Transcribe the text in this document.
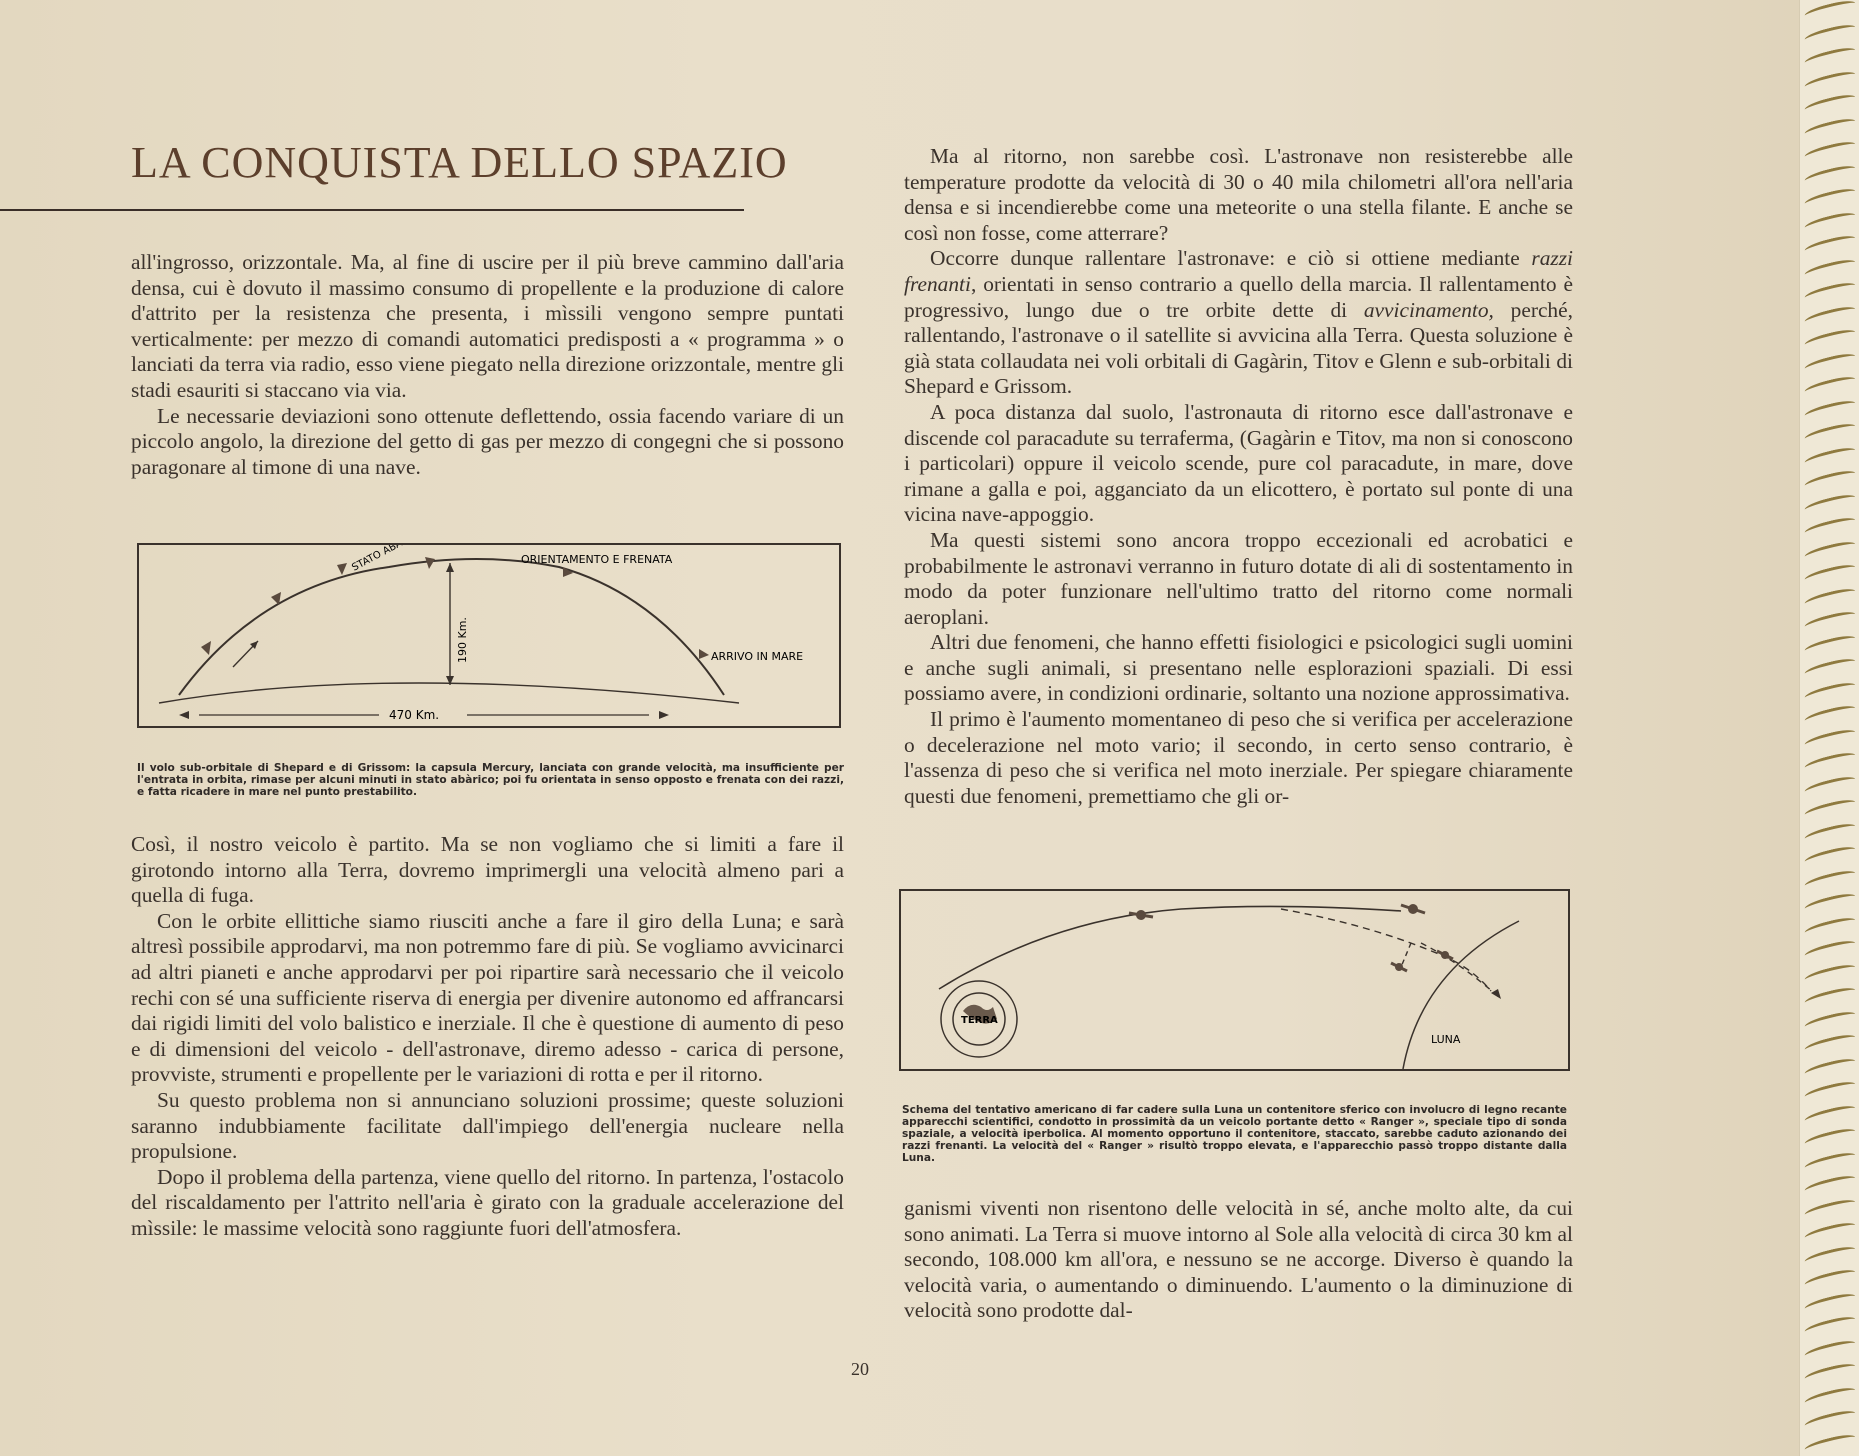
LA CONQUISTA DELLO SPAZIO

all'ingrosso, orizzontale. Ma, al fine di uscire per il più breve cammino dall'aria densa, cui è dovuto il massimo consumo di propellente e la produzione di calore d'attrito per la resistenza che presenta, i mìssili vengono sempre puntati verticalmente: per mezzo di comandi automatici predisposti a « programma » o lanciati da terra via radio, esso viene piegato nella direzione orizzontale, mentre gli stadi esauriti si staccano via via.

Le necessarie deviazioni sono ottenute deflettendo, ossia facendo variare di un piccolo angolo, la direzione del getto di gas per mezzo di congegni che si possono paragonare al timone di una nave.

STATO ABÀRICO	ORIENTAMENTO E FRENATA
190 Km.	ARRIVO IN MARE
470 Km.
Il volo sub-orbitale di Shepard e di Grissom: la capsula Mercury, lanciata con grande velocità, ma insufficiente per l'entrata in orbita, rimase per alcuni minuti in stato abàrico; poi fu orientata in senso opposto e frenata con dei razzi, e fatta ricadere in mare nel punto prestabilito.

Così, il nostro veicolo è partito. Ma se non vogliamo che si limiti a fare il girotondo intorno alla Terra, dovremo imprimergli una velocità almeno pari a quella di fuga.

Con le orbite ellittiche siamo riusciti anche a fare il giro della Luna; e sarà altresì possibile approdarvi, ma non potremmo fare di più. Se vogliamo avvicinarci ad altri pianeti e anche approdarvi per poi ripartire sarà necessario che il veicolo rechi con sé una sufficiente riserva di energia per divenire autonomo ed affrancarsi dai rigidi limiti del volo balistico e inerziale. Il che è questione di aumento di peso e di dimensioni del veicolo - dell'astronave, diremo adesso - carica di persone, provviste, strumenti e propellente per le variazioni di rotta e per il ritorno.

Su questo problema non si annunciano soluzioni prossime; queste soluzioni saranno indubbiamente facilitate dall'impiego dell'energia nucleare nella propulsione.

Dopo il problema della partenza, viene quello del ritorno. In partenza, l'ostacolo del riscaldamento per l'attrito nell'aria è girato con la graduale accelerazione del mìssile: le massime velocità sono raggiunte fuori dell'atmosfera.

Ma al ritorno, non sarebbe così. L'astronave non resisterebbe alle temperature prodotte da velocità di 30 o 40 mila chilometri all'ora nell'aria densa e si incendierebbe come una meteorite o una stella filante. E anche se così non fosse, come atterrare?

Occorre dunque rallentare l'astronave: e ciò si ottiene mediante razzi frenanti, orientati in senso contrario a quello della marcia. Il rallentamento è progressivo, lungo due o tre orbite dette di avvicinamento, perché, rallentando, l'astronave o il satellite si avvicina alla Terra. Questa soluzione è già stata collaudata nei voli orbitali di Gagàrin, Titov e Glenn e sub-orbitali di Shepard e Grissom.

A poca distanza dal suolo, l'astronauta di ritorno esce dall'astronave e discende col paracadute su terraferma, (Gagàrin e Titov, ma non si conoscono i particolari) oppure il veicolo scende, pure col paracadute, in mare, dove rimane a galla e poi, agganciato da un elicottero, è portato sul ponte di una vicina nave-appoggio.

Ma questi sistemi sono ancora troppo eccezionali ed acrobatici e probabilmente le astronavi verranno in futuro dotate di ali di sostentamento in modo da poter funzionare nell'ultimo tratto del ritorno come normali aeroplani.

Altri due fenomeni, che hanno effetti fisiologici e psicologici sugli uomini e anche sugli animali, si presentano nelle esplorazioni spaziali. Di essi possiamo avere, in condizioni ordinarie, soltanto una nozione approssimativa.

Il primo è l'aumento momentaneo di peso che si verifica per accelerazione o decelerazione nel moto vario; il secondo, in certo senso contrario, è l'assenza di peso che si verifica nel moto inerziale. Per spiegare chiaramente questi due fenomeni, premettiamo che gli or-

TERRA
LUNA
Schema del tentativo americano di far cadere sulla Luna un contenitore sferico con involucro di legno recante apparecchi scientifici, condotto in prossimità da un veicolo portante detto « Ranger », speciale tipo di sonda spaziale, a velocità iperbolica. Al momento opportuno il contenitore, staccato, sarebbe caduto azionando dei razzi frenanti. La velocità del « Ranger » risultò troppo elevata, e l'apparecchio passò troppo distante dalla Luna.

ganismi viventi non risentono delle velocità in sé, anche molto alte, da cui sono animati. La Terra si muove intorno al Sole alla velocità di circa 30 km al secondo, 108.000 km all'ora, e nessuno se ne accorge. Diverso è quando la velocità varia, o aumentando o diminuendo. L'aumento o la diminuzione di velocità sono prodotte dal-

20
